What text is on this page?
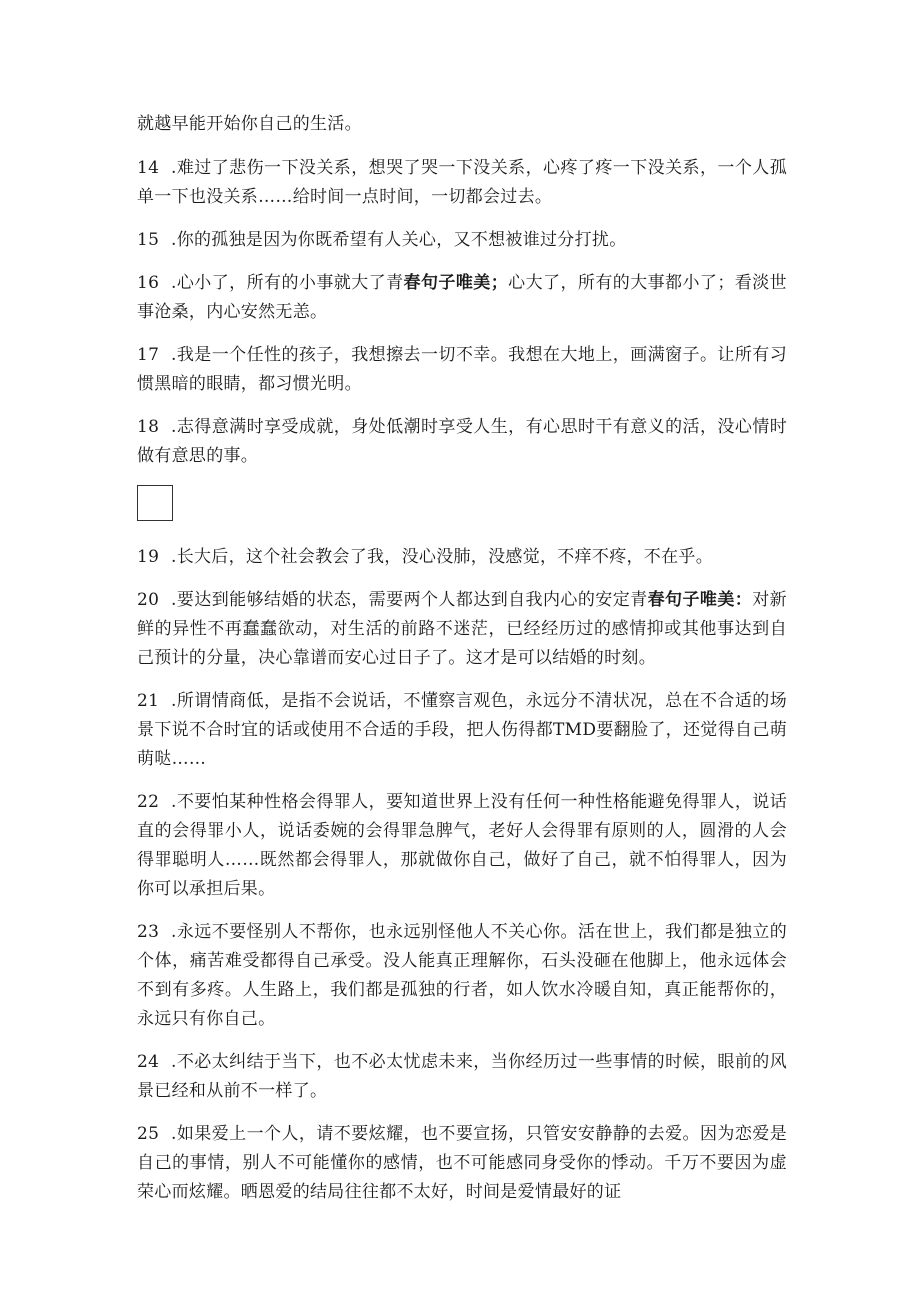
就越早能开始你自己的生活。

14 .难过了悲伤一下没关系，想哭了哭一下没关系，心疼了疼一下没关系，一个人孤单一下也没关系……给时间一点时间，一切都会过去。

15 .你的孤独是因为你既希望有人关心，又不想被谁过分打扰。

16 .心小了，所有的小事就大了青春句子唯美；心大了，所有的大事都小了；看淡世事沧桑，内心安然无恙。

17 .我是一个任性的孩子，我想擦去一切不幸。我想在大地上，画满窗子。让所有习惯黑暗的眼睛，都习惯光明。

18 .志得意满时享受成就，身处低潮时享受人生，有心思时干有意义的活，没心情时做有意思的事。

19 .长大后，这个社会教会了我，没心没肺，没感觉，不痒不疼，不在乎。

20 .要达到能够结婚的状态，需要两个人都达到自我内心的安定青春句子唯美：对新鲜的异性不再蠢蠢欲动，对生活的前路不迷茫，已经经历过的感情抑或其他事达到自己预计的分量，决心靠谱而安心过日子了。这才是可以结婚的时刻。

21 .所谓情商低，是指不会说话，不懂察言观色，永远分不清状况，总在不合适的场景下说不合时宜的话或使用不合适的手段，把人伤得都TMD要翻脸了，还觉得自己萌萌哒……

22 .不要怕某种性格会得罪人，要知道世界上没有任何一种性格能避免得罪人，说话直的会得罪小人，说话委婉的会得罪急脾气，老好人会得罪有原则的人，圆滑的人会得罪聪明人……既然都会得罪人，那就做你自己，做好了自己，就不怕得罪人，因为你可以承担后果。

23 .永远不要怪别人不帮你，也永远别怪他人不关心你。活在世上，我们都是独立的个体，痛苦难受都得自己承受。没人能真正理解你，石头没砸在他脚上，他永远体会不到有多疼。人生路上，我们都是孤独的行者，如人饮水冷暖自知，真正能帮你的，永远只有你自己。

24 .不必太纠结于当下，也不必太忧虑未来，当你经历过一些事情的时候，眼前的风景已经和从前不一样了。

25 .如果爱上一个人，请不要炫耀，也不要宣扬，只管安安静静的去爱。因为恋爱是自己的事情，别人不可能懂你的感情，也不可能感同身受你的悸动。千万不要因为虚荣心而炫耀。晒恩爱的结局往往都不太好，时间是爱情最好的证
